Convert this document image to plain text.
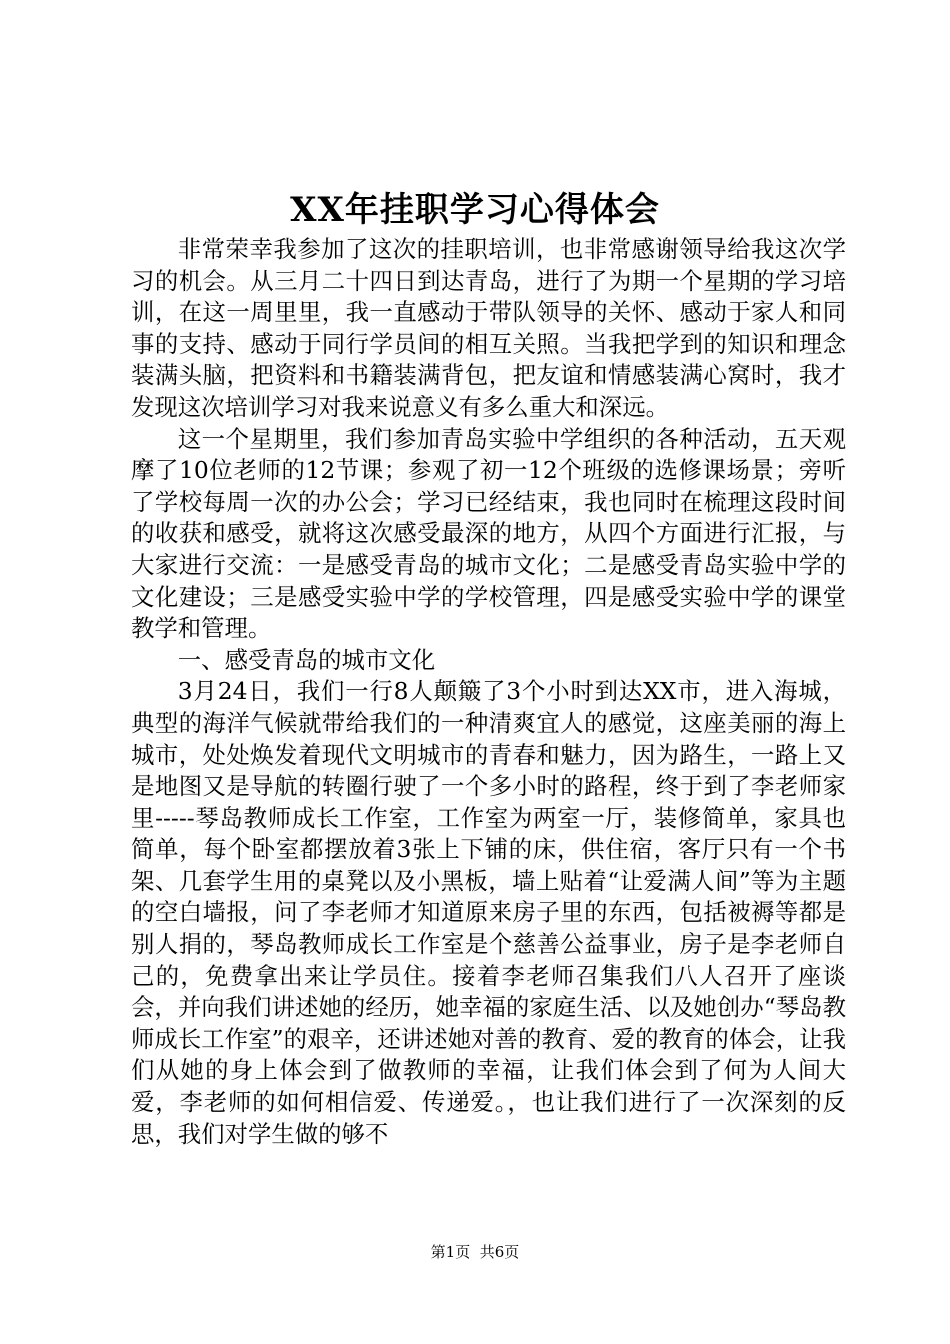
XX年挂职学习心得体会

非常荣幸我参加了这次的挂职培训，也非常感谢领导给我这次学习的机会。从三月二十四日到达青岛，进行了为期一个星期的学习培训，在这一周里里，我一直感动于带队领导的关怀、感动于家人和同事的支持、感动于同行学员间的相互关照。当我把学到的知识和理念装满头脑，把资料和书籍装满背包，把友谊和情感装满心窝时，我才发现这次培训学习对我来说意义有多么重大和深远。

这一个星期里，我们参加青岛实验中学组织的各种活动，五天观摩了10位老师的12节课；参观了初一12个班级的选修课场景；旁听了学校每周一次的办公会；学习已经结束，我也同时在梳理这段时间的收获和感受，就将这次感受最深的地方，从四个方面进行汇报，与大家进行交流：一是感受青岛的城市文化；二是感受青岛实验中学的文化建设；三是感受实验中学的学校管理，四是感受实验中学的课堂教学和管理。

一、感受青岛的城市文化

3月24日，我们一行8人颠簸了3个小时到达XX市，进入海城，典型的海洋气候就带给我们的一种清爽宜人的感觉，这座美丽的海上城市，处处焕发着现代文明城市的青春和魅力，因为路生，一路上又是地图又是导航的转圈行驶了一个多小时的路程，终于到了李老师家里-----琴岛教师成长工作室，工作室为两室一厅，装修简单，家具也简单，每个卧室都摆放着3张上下铺的床，供住宿，客厅只有一个书架、几套学生用的桌凳以及小黑板，墙上贴着“让爱满人间”等为主题的空白墙报，问了李老师才知道原来房子里的东西，包括被褥等都是别人捐的，琴岛教师成长工作室是个慈善公益事业，房子是李老师自己的，免费拿出来让学员住。接着李老师召集我们八人召开了座谈会，并向我们讲述她的经历，她幸福的家庭生活、以及她创办“琴岛教师成长工作室”的艰辛，还讲述她对善的教育、爱的教育的体会，让我们从她的身上体会到了做教师的幸福，让我们体会到了何为人间大爱，李老师的如何相信爱、传递爱。，也让我们进行了一次深刻的反思，我们对学生做的够不

第1页 共6页
